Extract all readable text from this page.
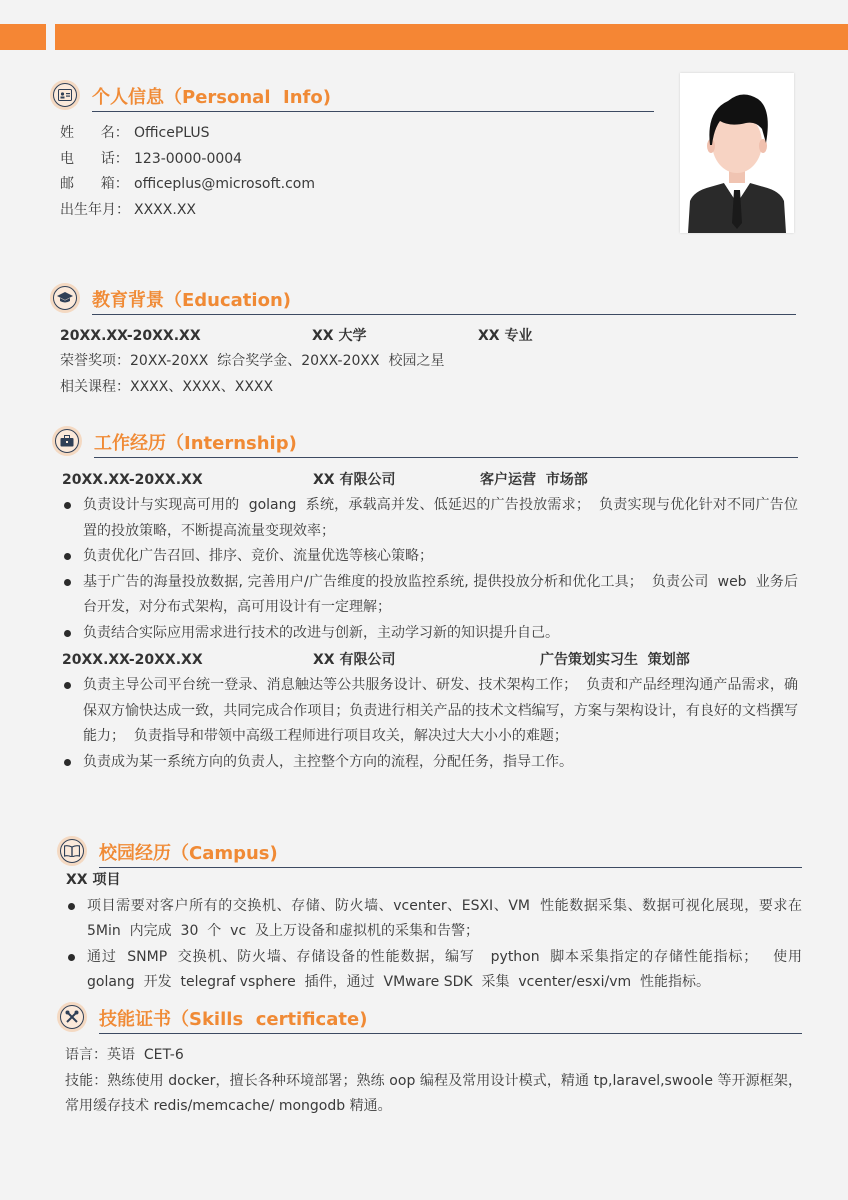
个人信息（Personal  Info)
姓      名： OfficePLUS
电      话： 123-0000-0004
邮      箱： officeplus@microsoft.com
出生年月： XXXX.XX
教育背景（Education)
20XX.XX-20XX.XX	XX 大学	XX 专业
荣誉奖项：20XX-20XX  综合奖学金、20XX-20XX  校园之星
相关课程：XXXX、XXXX、XXXX
工作经历（Internship)
20XX.XX-20XX.XX	XX 有限公司	客户运营  市场部
负责设计与实现高可用的  golang  系统，承载高并发、低延迟的广告投放需求；  负责实现与优化针对不同广告位置的投放策略，不断提高流量变现效率；
负责优化广告召回、排序、竞价、流量优选等核心策略；
基于广告的海量投放数据, 完善用户/广告维度的投放监控系统, 提供投放分析和优化工具；  负责公司  web  业务后台开发，对分布式架构，高可用设计有一定理解；
负责结合实际应用需求进行技术的改进与创新，主动学习新的知识提升自己。
20XX.XX-20XX.XX	XX 有限公司	广告策划实习生  策划部
负责主导公司平台统一登录、消息触达等公共服务设计、研发、技术架构工作；  负责和产品经理沟通产品需求，确保双方愉快达成一致，共同完成合作项目；负责进行相关产品的技术文档编写，方案与架构设计，有良好的文档撰写能力；  负责指导和带领中高级工程师进行项目攻关，解决过大大小小的难题；
负责成为某一系统方向的负责人，主控整个方向的流程，分配任务，指导工作。
校园经历（Campus)
XX 项目
项目需要对客户所有的交换机、存储、防火墙、vcenter、ESXI、VM  性能数据采集、数据可视化展现，要求在  5Min  内完成  30  个  vc  及上万设备和虚拟机的采集和告警；
通过  SNMP  交换机、防火墙、存储设备的性能数据，编写   python  脚本采集指定的存储性能指标；   使用  golang  开发  telegraf vsphere  插件，通过  VMware SDK  采集  vcenter/esxi/vm  性能指标。
技能证书（Skills  certificate)
语言：英语  CET-6
技能：熟练使用 docker，擅长各种环境部署；熟练 oop 编程及常用设计模式，精通 tp,laravel,swoole 等开源框架，常用缓存技术 redis/memcache/ mongodb 精通。
